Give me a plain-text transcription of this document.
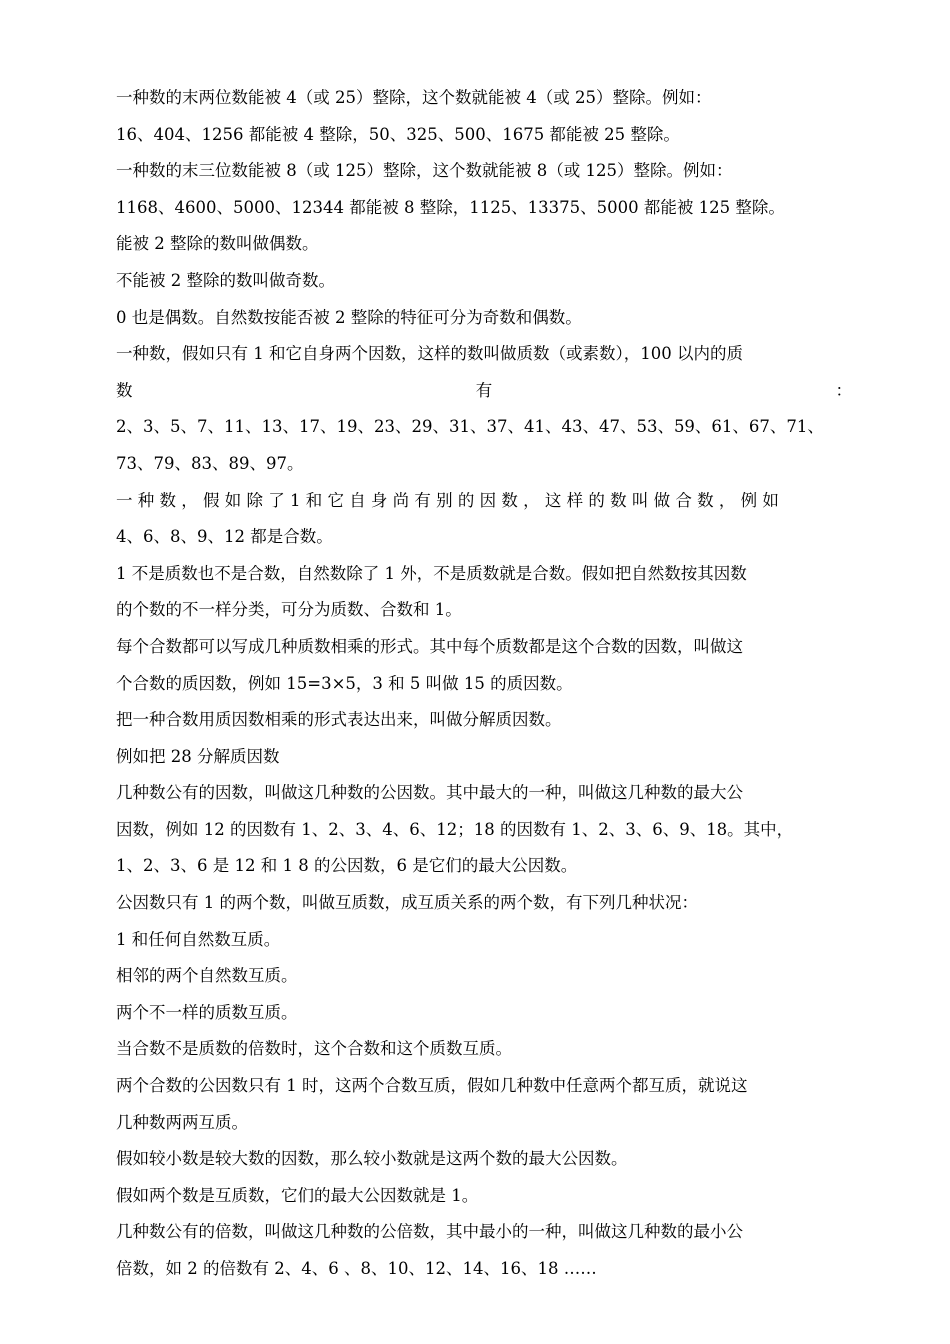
一种数的末两位数能被 4（或 25）整除，这个数就能被 4（或 25）整除。例如：
16、404、1256 都能被 4 整除，50、325、500、1675 都能被 25 整除。
一种数的末三位数能被 8（或 125）整除，这个数就能被 8（或 125）整除。例如：
1168、4600、5000、12344 都能被 8 整除，1125、13375、5000 都能被 125 整除。
能被 2 整除的数叫做偶数。
不能被 2 整除的数叫做奇数。
0 也是偶数。自然数按能否被 2 整除的特征可分为奇数和偶数。
一种数，假如只有 1 和它自身两个因数，这样的数叫做质数（或素数），100 以内的质
数	有	：
2、3、5、7、11、13、17、19、23、29、31、37、41、43、47、53、59、61、67、71、
73、79、83、89、97。
一 种 数 ， 假 如 除 了 1 和 它 自 身 尚 有 别 的 因 数 ， 这 样 的 数 叫 做 合 数 ， 例 如
4、6、8、9、12 都是合数。
1 不是质数也不是合数，自然数除了 1 外，不是质数就是合数。假如把自然数按其因数
的个数的不一样分类，可分为质数、合数和 1。
每个合数都可以写成几种质数相乘的形式。其中每个质数都是这个合数的因数，叫做这
个合数的质因数，例如 15=3×5，3 和 5 叫做 15 的质因数。
把一种合数用质因数相乘的形式表达出来，叫做分解质因数。
例如把 28 分解质因数
几种数公有的因数，叫做这几种数的公因数。其中最大的一种，叫做这几种数的最大公
因数，例如 12 的因数有 1、2、3、4、6、12；18 的因数有 1、2、3、6、9、18。其中，
1、2、3、6 是 12 和 1 8 的公因数，6 是它们的最大公因数。
公因数只有 1 的两个数，叫做互质数，成互质关系的两个数，有下列几种状况：
1 和任何自然数互质。
相邻的两个自然数互质。
两个不一样的质数互质。
当合数不是质数的倍数时，这个合数和这个质数互质。
两个合数的公因数只有 1 时，这两个合数互质，假如几种数中任意两个都互质，就说这
几种数两两互质。
假如较小数是较大数的因数，那么较小数就是这两个数的最大公因数。
假如两个数是互质数，它们的最大公因数就是 1。
几种数公有的倍数，叫做这几种数的公倍数，其中最小的一种，叫做这几种数的最小公
倍数，如 2 的倍数有 2、4、6 、8、10、12、14、16、18 ……
